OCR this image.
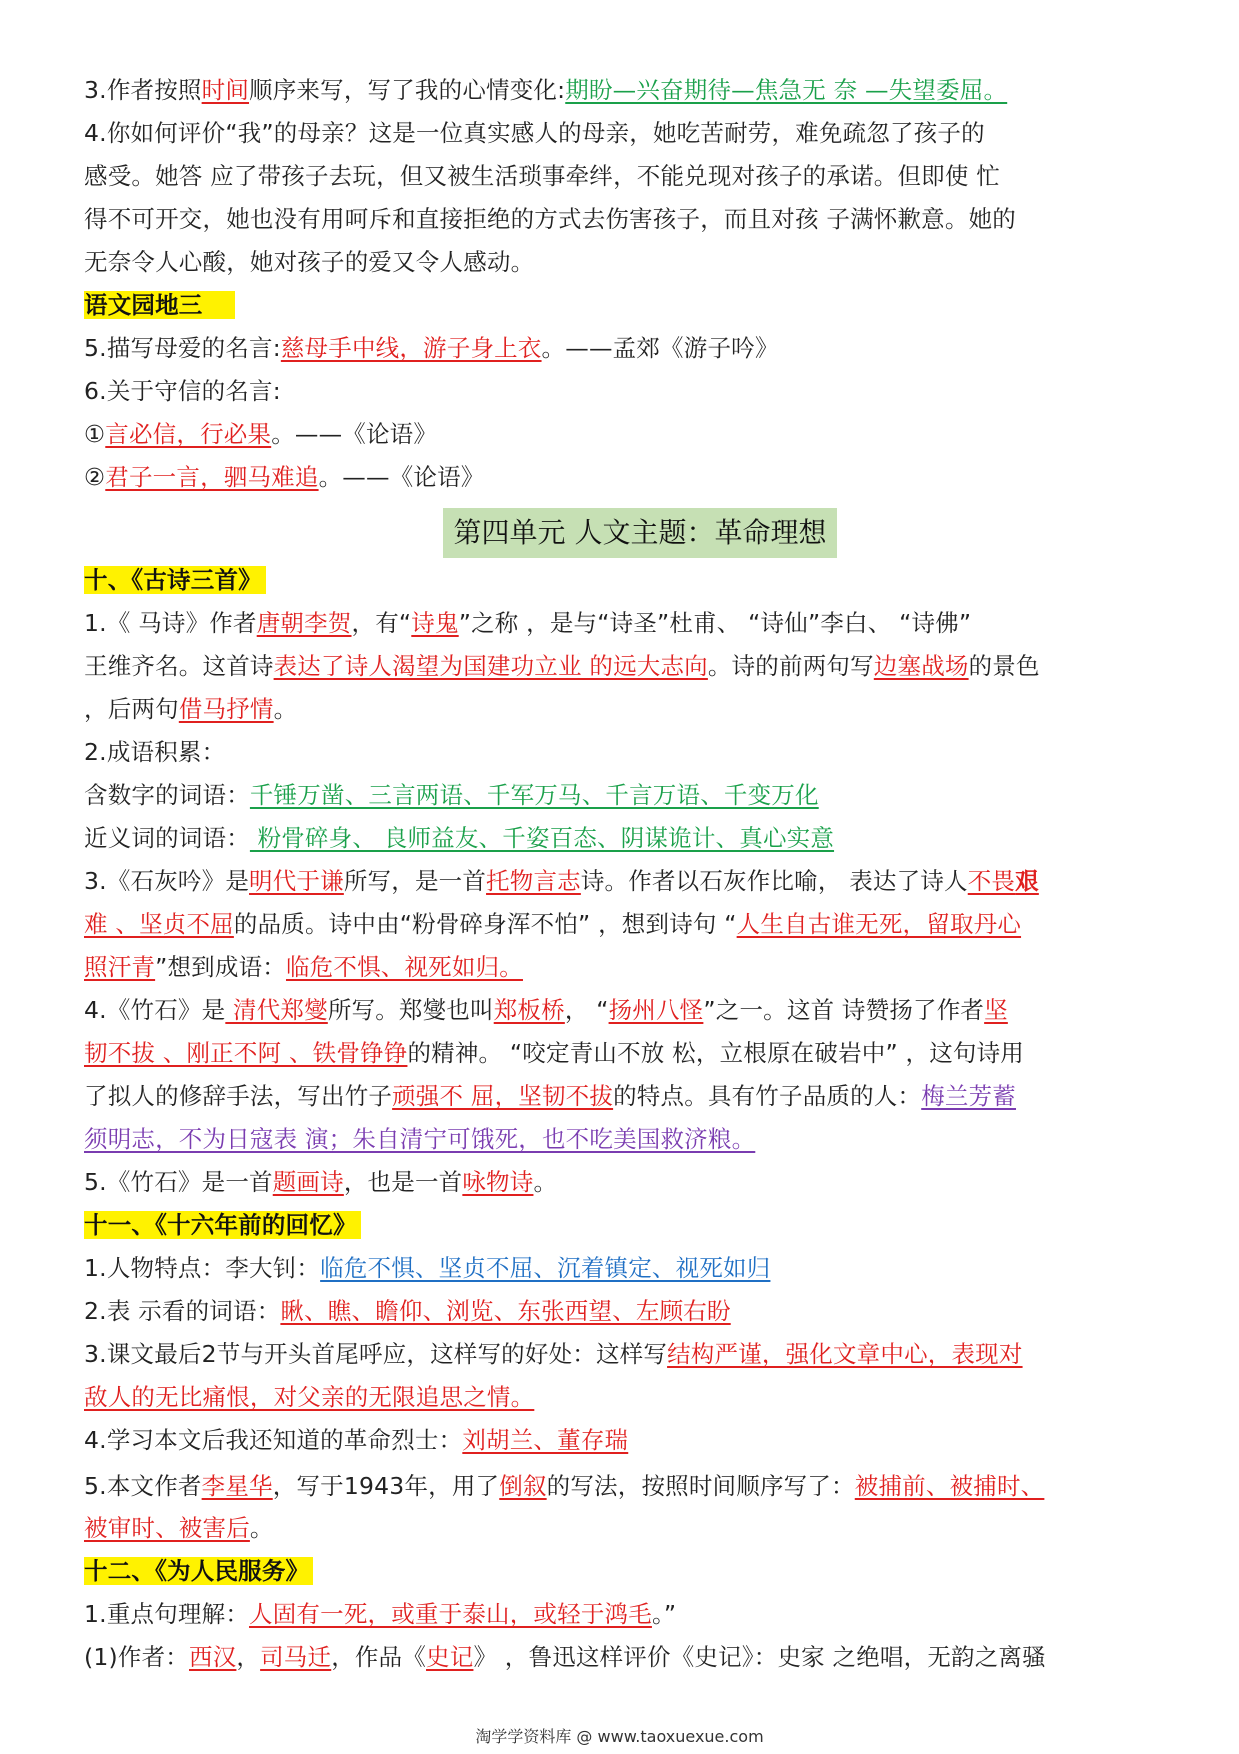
3.作者按照时间顺序来写，写了我的心情变化:期盼—兴奋期待—焦急无 奈 —失望委屈。
4.你如何评价“我”的母亲？这是一位真实感人的母亲，她吃苦耐劳，难免疏忽了孩子的
感受。她答 应了带孩子去玩，但又被生活琐事牵绊，不能兑现对孩子的承诺。但即使 忙
得不可开交，她也没有用呵斥和直接拒绝的方式去伤害孩子，而且对孩 子满怀歉意。她的
无奈令人心酸，她对孩子的爱又令人感动。
语文园地三
5.描写母爱的名言:慈母手中线，游子身上衣。——孟郊《游子吟》
6.关于守信的名言:
①言必信，行必果。——《论语》
②君子一言，驷马难追。——《论语》
第四单元 人文主题：革命理想
十、《古诗三首》
1.《 马诗》作者唐朝李贺，有“诗鬼”之称 ，是与“诗圣”杜甫、 “诗仙”李白、 “诗佛”
王维齐名。这首诗表达了诗人渴望为国建功立业 的远大志向。诗的前两句写边塞战场的景色
，后两句借马抒情。
2.成语积累：
含数字的词语：千锤万凿、三言两语、千军万马、千言万语、千变万化
近义词的词语： 粉骨碎身、 良师益友、千姿百态、阴谋诡计、真心实意
3.《石灰吟》是明代于谦所写，是一首托物言志诗。作者以石灰作比喻， 表达了诗人不畏艰
难 、坚贞不屈的品质。诗中由“粉骨碎身浑不怕” ，想到诗句 “人生自古谁无死，留取丹心
照汗青”想到成语：临危不惧、视死如归。
4.《竹石》是 清代郑燮所写。郑燮也叫郑板桥， “扬州八怪”之一。这首 诗赞扬了作者坚
韧不拔 、刚正不阿 、铁骨铮铮的精神。 “咬定青山不放 松，立根原在破岩中” ，这句诗用
了拟人的修辞手法，写出竹子顽强不 屈，坚韧不拔的特点。具有竹子品质的人：梅兰芳蓄
须明志，不为日寇表 演；朱自清宁可饿死，也不吃美国救济粮。
5.《竹石》是一首题画诗，也是一首咏物诗。
十一、《十六年前的回忆》
1.人物特点：李大钊：临危不惧、坚贞不屈、沉着镇定、视死如归
2.表 示看的词语：瞅、瞧、瞻仰、浏览、东张西望、左顾右盼
3.课文最后2节与开头首尾呼应，这样写的好处：这样写结构严谨，强化文章中心，表现对
敌人的无比痛恨，对父亲的无限追思之情。
4.学习本文后我还知道的革命烈士：刘胡兰、董存瑞
5.本文作者李星华，写于1943年，用了倒叙的写法，按照时间顺序写了：被捕前、被捕时、
被审时、被害后。
十二、《为人民服务》
1.重点句理解：人固有一死，或重于泰山，或轻于鸿毛。”
(1)作者：西汉，司马迁，作品《史记》 ，鲁迅这样评价《史记》：史家 之绝唱，无韵之离骚
淘学学资料库 @ www.taoxuexue.com
